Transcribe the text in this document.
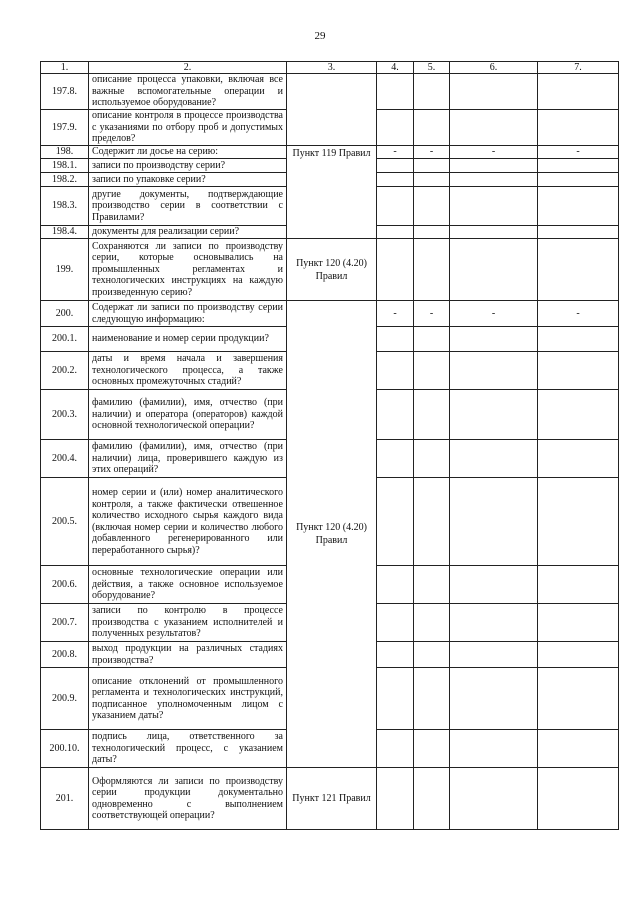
29
1.	2.	3.	4.	5.	6.	7.
197.8.	описание процесса упаковки, включая все важные вспомогательные операции и используемое оборудование?					
197.9.	описание контроля в процессе производства с указаниями по отбору проб и допустимых пределов?					
198.	Содержит ли досье на серию:	Пункт 119 Правил	-	-	-	-
198.1.	записи по производству серии?					
198.2.	записи по упаковке серии?					
198.3.	другие документы, подтверждающие производство серии в соответствии с Правилами?					
198.4.	документы для реализации серии?					
199.	Сохраняются ли записи по производству серии, которые основывались на промышленных регламентах и технологических инструкциях на каждую произведенную серию?	Пункт 120 (4.20) Правил				
200.	Содержат ли записи по производству серии следующую информацию:	Пункт 120 (4.20) Правил	-	-	-	-
200.1.	наименование и номер серии продукции?					
200.2.	даты и время начала и завершения технологического процесса, а также основных промежуточных стадий?					
200.3.	фамилию (фамилии), имя, отчество (при наличии) и оператора (операторов) каждой основной технологической операции?					
200.4.	фамилию (фамилии), имя, отчество (при наличии) лица, проверившего каждую из этих операций?					
200.5.	номер серии и (или) номер аналитического контроля, а также фактически отвешенное количество исходного сырья каждого вида (включая номер серии и количество любого добавленного регенерированного или переработанного сырья)?					
200.6.	основные технологические операции или действия, а также основное используемое оборудование?					
200.7.	записи по контролю в процессе производства с указанием исполнителей и полученных результатов?					
200.8.	выход продукции на различных стадиях производства?					
200.9.	описание отклонений от промышленного регламента и технологических инструкций, подписанное уполномоченным лицом с указанием даты?					
200.10.	подпись лица, ответственного за технологический процесс, с указанием даты?					
201.	Оформляются ли записи по производству серии продукции документально одновременно с выполнением соответствующей операции?	Пункт 121 Правил				
